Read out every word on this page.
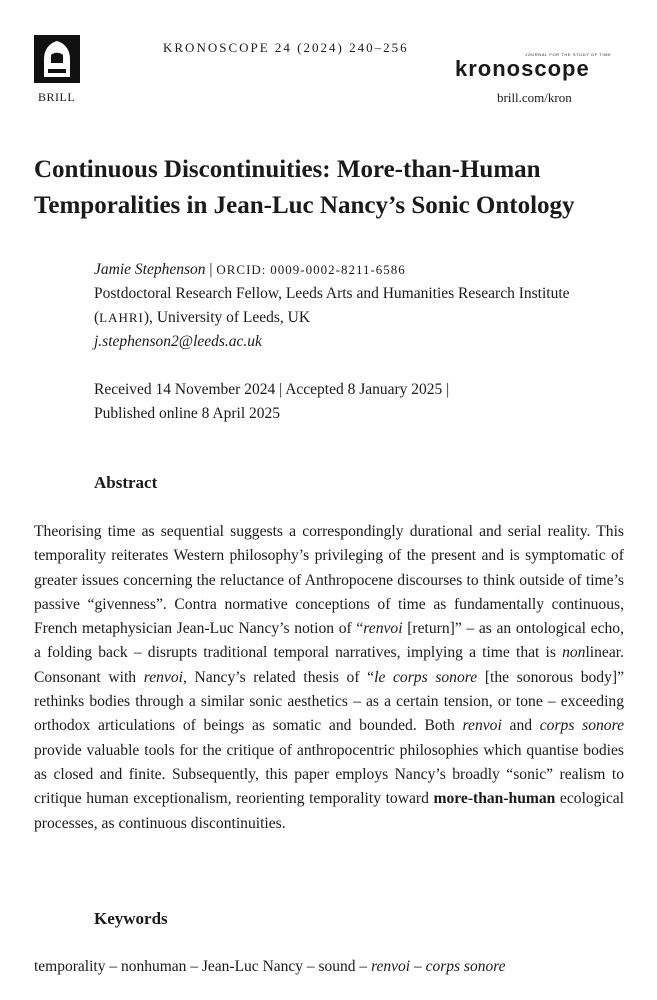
BRILL
KRONOSCOPE 24 (2024) 240–256	JOURNAL FOR THE STUDY OF TIME
kronoscope
brill.com/kron
Continuous Discontinuities: More-than-Human
Temporalities in Jean-Luc Nancy’s Sonic Ontology
Jamie Stephenson | ORCID: 0009-0002-8211-6586
Postdoctoral Research Fellow, Leeds Arts and Humanities Research Institute
(LAHRI), University of Leeds, UK
j.stephenson2@leeds.ac.uk
Received 14 November 2024 | Accepted 8 January 2025 |
Published online 8 April 2025
Abstract

Theorising time as sequential suggests a correspondingly durational and serial reality. This temporality reiterates Western philosophy’s privileging of the present and is symptomatic of greater issues concerning the reluctance of Anthropocene discourses to think outside of time’s passive “givenness”. Contra normative conceptions of time as fundamentally continuous, French metaphysician Jean-Luc Nancy’s notion of “renvoi [return]” – as an ontological echo, a folding back – disrupts traditional temporal narratives, implying a time that is nonlinear. Consonant with renvoi, Nancy’s related thesis of “le corps sonore [the sonorous body]” rethinks bodies through a similar sonic aesthetics – as a certain tension, or tone – exceeding orthodox articulations of beings as somatic and bounded. Both renvoi and corps sonore provide valuable tools for the critique of anthropocentric philosophies which quantise bodies as closed and finite. Subsequently, this paper employs Nancy’s broadly “sonic” realism to critique human exceptionalism, reorienting temporality toward more-than-human ecological processes, as continuous discontinuities.

Keywords
temporality – nonhuman – Jean-Luc Nancy – sound – renvoi – corps sonore
